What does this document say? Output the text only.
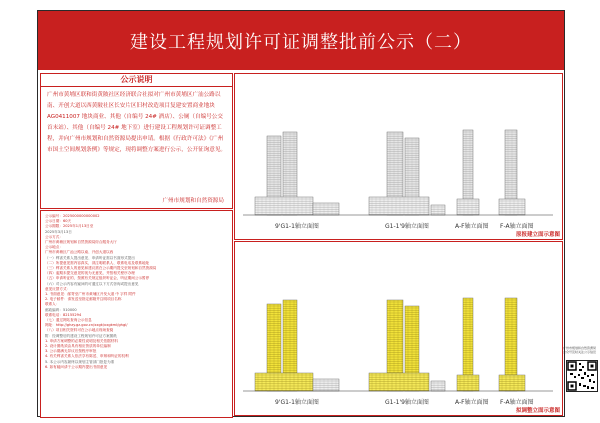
建设工程规划许可证调整批前公示（二）
公示说明
广州市黄埔区联和街黄陂社区经济联合社拟对广州市黄埔区广汕公路以南、开创大道以西黄陂社区长安片区旧村改造项目复建安置商业地块 AG0411007 地块商业、其他（自编号 24# 酒店）、公厕（自编号公交首末站）、其他（自编号 24# 地下室）进行建设工程规划许可证调整工程，并向广州市规划和自然资源局提出申请。根据《行政许可法》《广州市国土空间规划条例》等规定，现将调整方案进行公示，公开征询意见。
广州市规划和自然资源局
公示编号：2025000000000002
公示日期：60天
公示期限：2025年1月13日至
2025年3月13日
公示方式：
广州市黄埔区规划和自然资源局综合服务大厅
公示地点：
广州市黄埔区广汕公路以南、开创大道以西
（一）利害关系人提出意见、申请听证需以书面形式提出
（二）所提意见需内容真实，须注明联系人、联系电话及联系地址
（三）利害关系人的意见和建议需在公示期内提交至规划和自然资源局
（四）逾期未提交意见的视为无意见，并按相关程序办理
（五）申请听证的，按照有关规定组织听证会，听证期间公示暂停
（六）对公示内容有疑问的可通过以下方式咨询或提出意见
意见反馈方式：
1. 书面意见：邮寄至广州市黄埔区开发大道 中 字样 附件
2. 电子邮件：请发送至指定邮箱并注明项目名称
联系人：
邮政编码：510000
联系电话：82155294
（七）通过网站查询公示信息
网址：http://ghzy.gz.gov.cn/xxgk/xxgkml/ghgl/
（八）项目相关资料可在公示地点现场查阅
附：经调整后的建设工程规划许可证方案图纸
1. 申请方案调整的必要性说明及相关依据材料
2. 设计图纸须由具有相应资质的单位编制
3. 公示期满无异议后按程序审批
4. 有关利害关系人依法享有陈述、申辩和听证的权利
5. 本公示内容最终以规划主管部门批复为准
6. 如有疑问请于公示期内提出书面意见
原报建立面示意图
9'G1-1轴立面图	G1-1'9轴立面图	A-F轴立面图 F-A轴立面图
拟调整立面示意图
9'G1-1轴立面图	G1-1'9轴立面图	A-F轴立面图 F-A轴立面图
广州市规划和自然资源局 公众号及时关注公示信息
